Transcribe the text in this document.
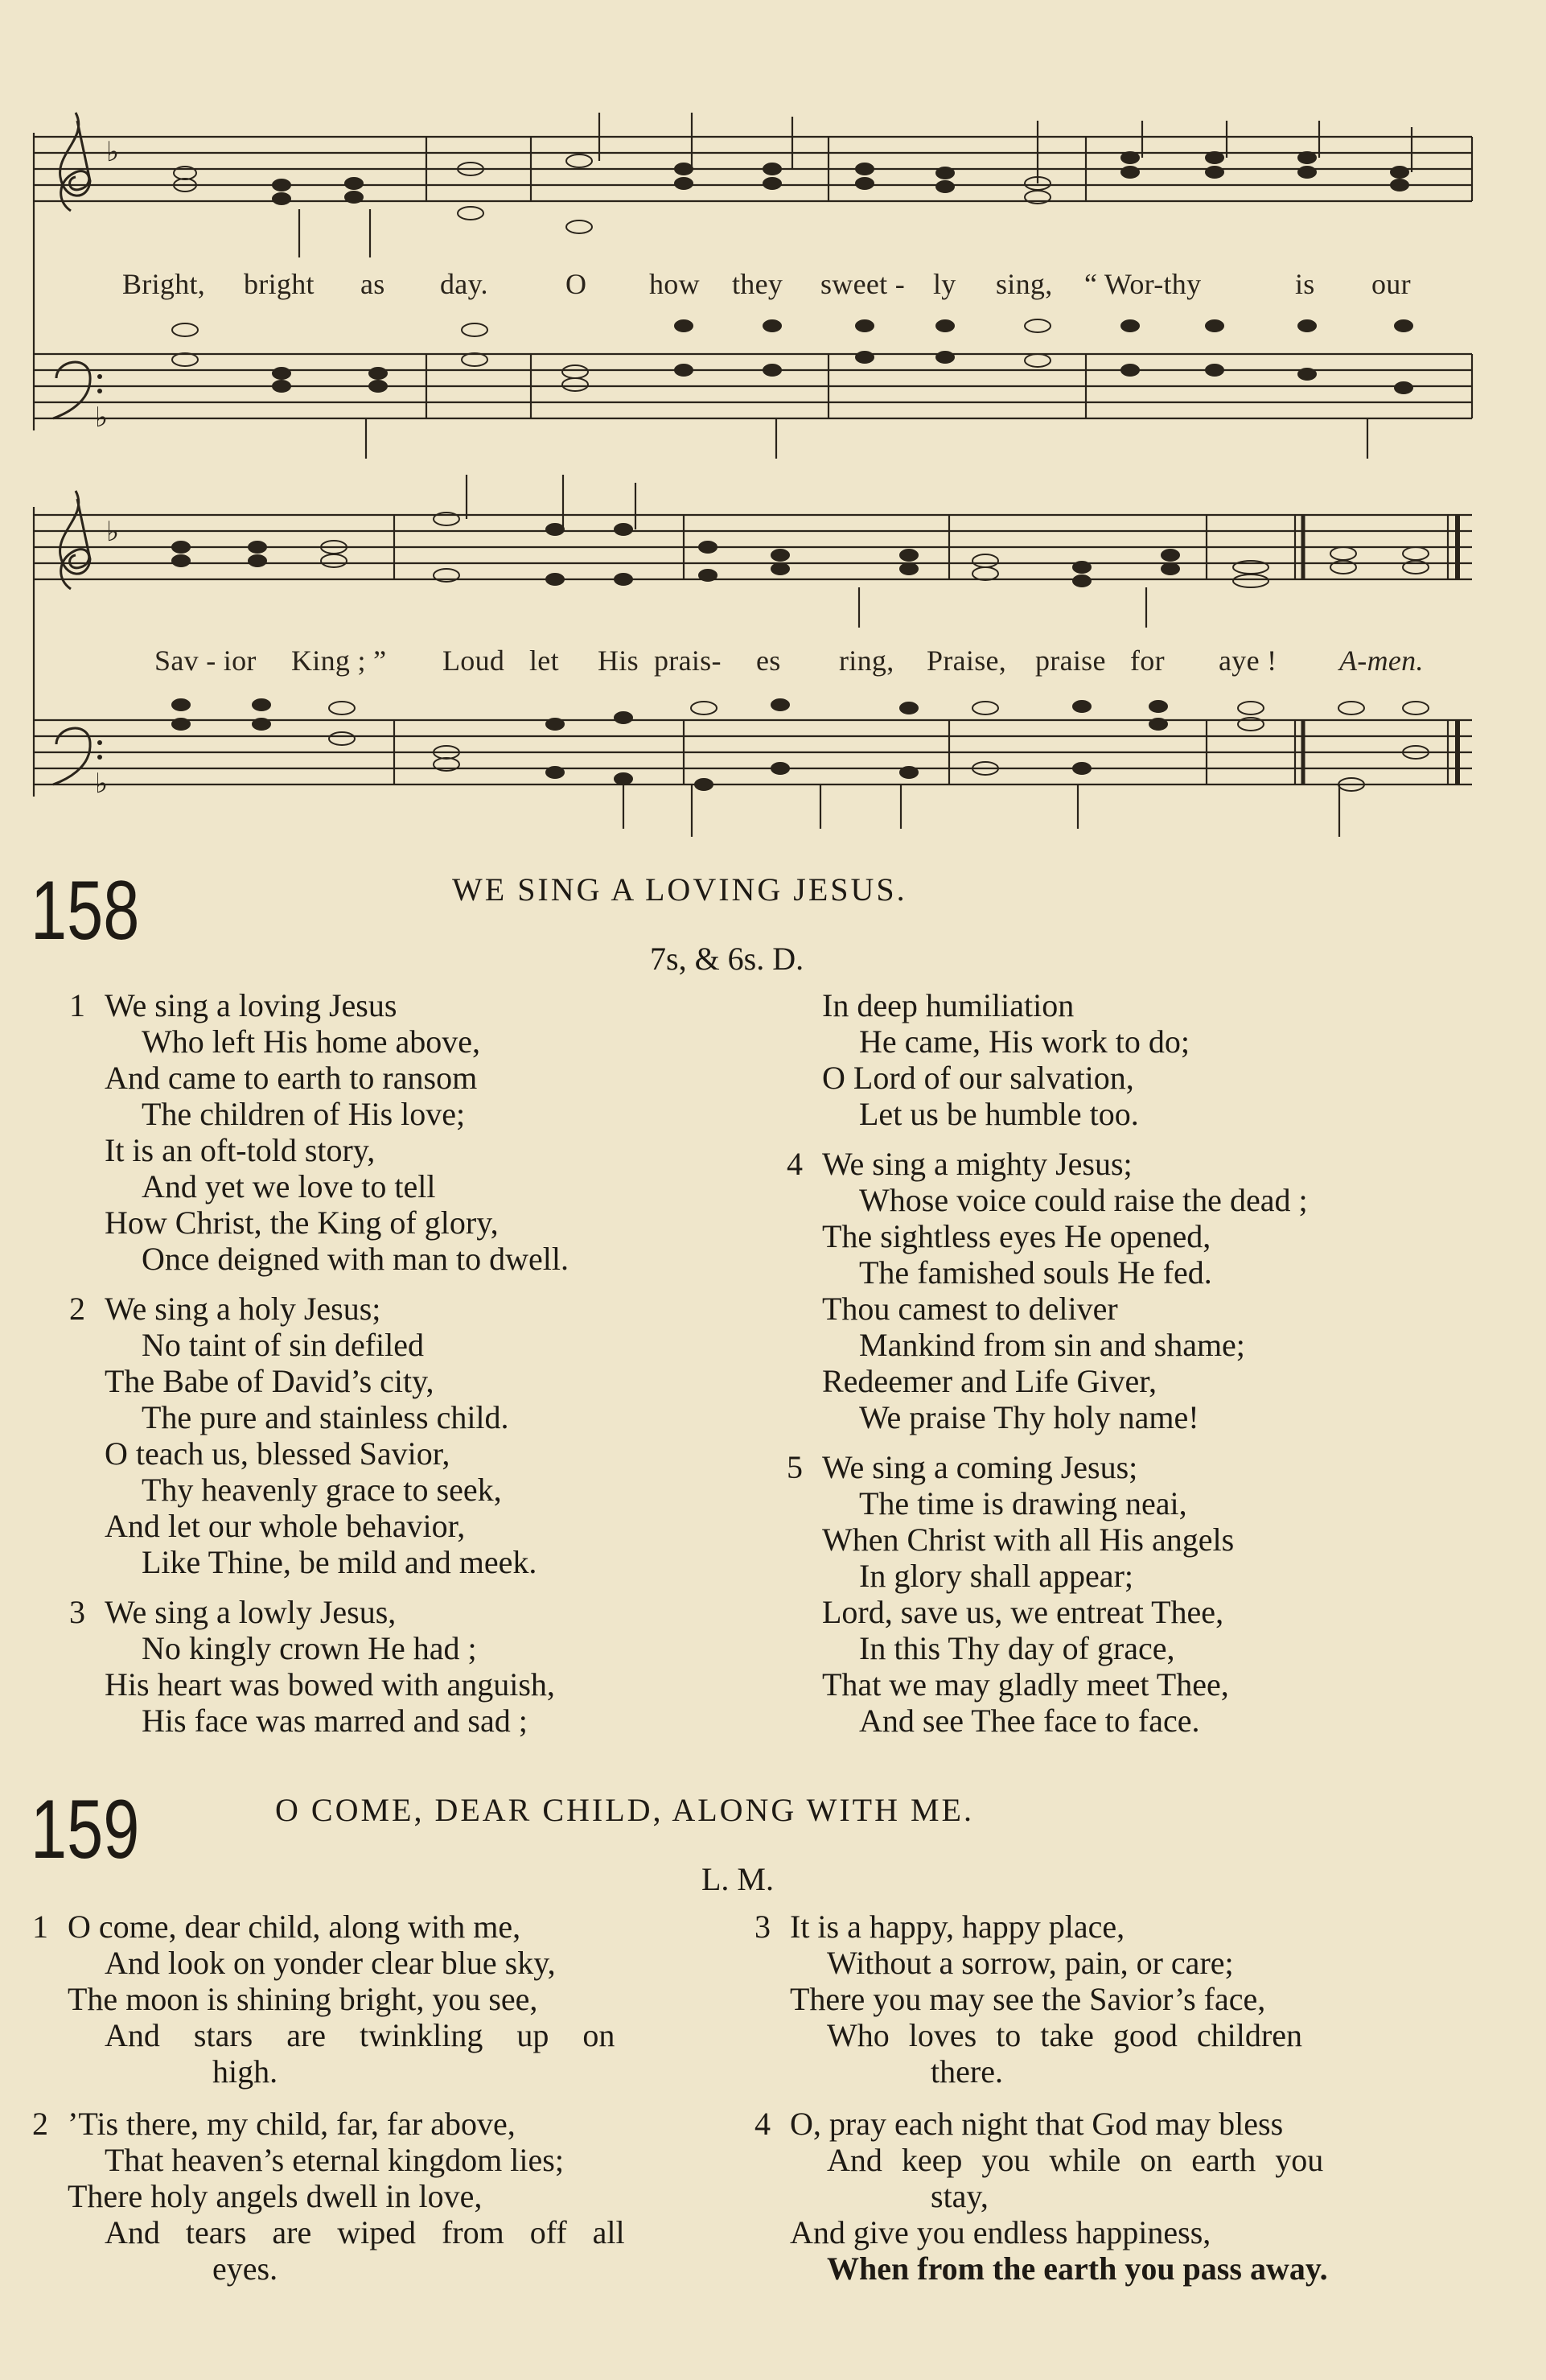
♭
♭
♭
♭
Bright, bright as day.	O how they sweet - ly sing, “ Wor-thy	is our
Sav - ior King ; ” Loud let His prais- es ring, Praise, praise for aye ! A-men.
158	WE SING A LOVING JESUS.
7s, & 6s. D.
1 We sing a loving Jesus
Who left His home above,
And came to earth to ransom
The children of His love;
It is an oft-told story,
And yet we love to tell
How Christ, the King of glory,
Once deigned with man to dwell.
2 We sing a holy Jesus;
No taint of sin defiled
The Babe of David’s city,
The pure and stainless child.
O teach us, blessed Savior,
Thy heavenly grace to seek,
And let our whole behavior,
Like Thine, be mild and meek.
3 We sing a lowly Jesus,
No kingly crown He had ;
His heart was bowed with anguish,
His face was marred and sad ;
In deep humiliation
He came, His work to do;
O Lord of our salvation,
Let us be humble too.
4 We sing a mighty Jesus;
Whose voice could raise the dead ;
The sightless eyes He opened,
The famished souls He fed.
Thou camest to deliver
Mankind from sin and shame;
Redeemer and Life Giver,
We praise Thy holy name!
5 We sing a coming Jesus;
The time is drawing neai,
When Christ with all His angels
In glory shall appear;
Lord, save us, we entreat Thee,
In this Thy day of grace,
That we may gladly meet Thee,
And see Thee face to face.
159	O COME, DEAR CHILD, ALONG WITH ME.
L. M.
1 O come, dear child, along with me,
And look on yonder clear blue sky,
The moon is shining bright, you see,
And stars are twinkling up on
high.
2 ’Tis there, my child, far, far above,
That heaven’s eternal kingdom lies;
There holy angels dwell in love,
And tears are wiped from off all
eyes.
3 It is a happy, happy place,
Without a sorrow, pain, or care;
There you may see the Savior’s face,
Who loves to take good children
there.
4 O, pray each night that God may bless
And keep you while on earth you
stay,
And give you endless happiness,
When from the earth you pass away.
